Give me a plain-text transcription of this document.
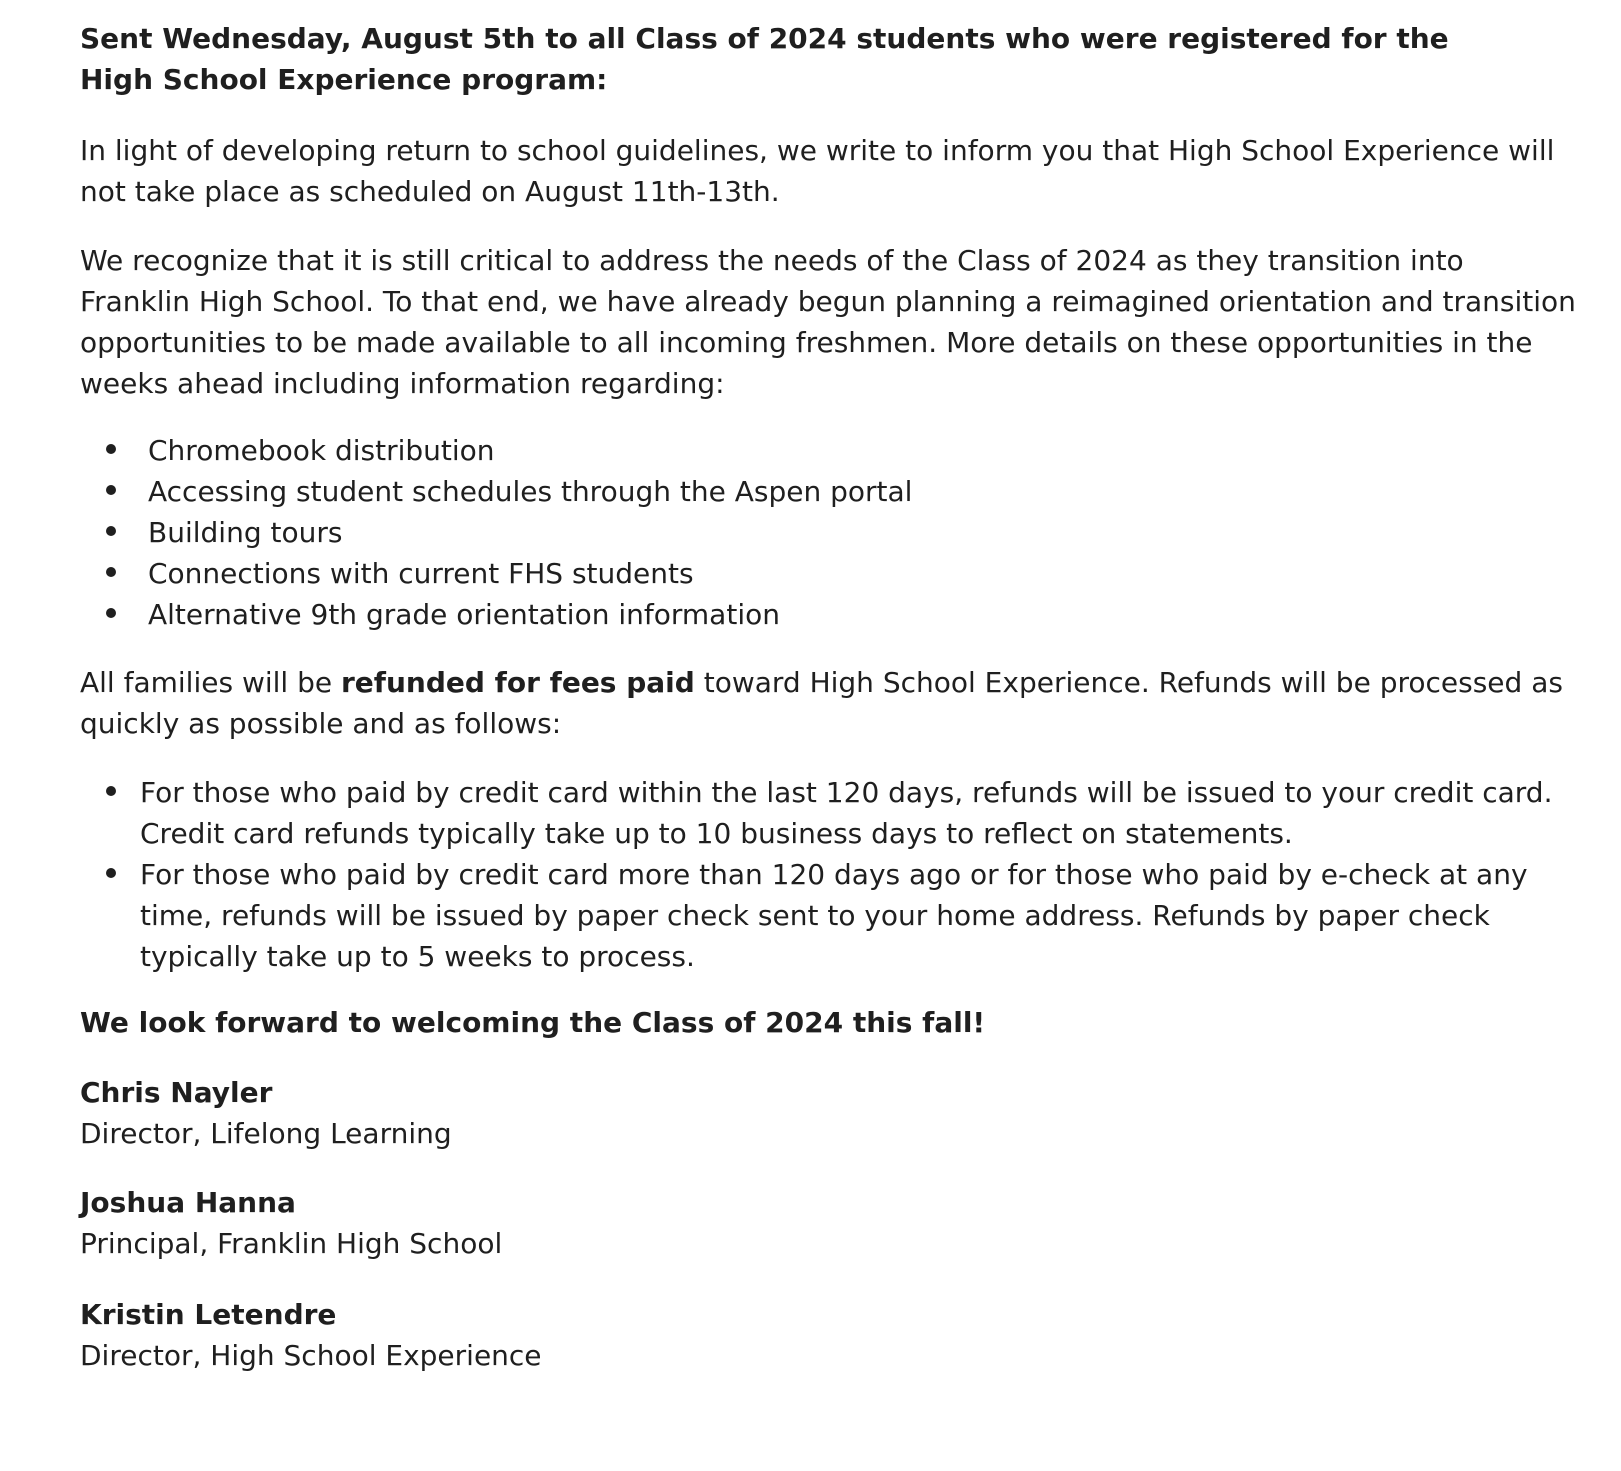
Sent Wednesday, August 5th to all Class of 2024 students who were registered for the High School Experience program:

In light of developing return to school guidelines, we write to inform you that High School Experience will not take place as scheduled on August 11th-13th.

We recognize that it is still critical to address the needs of the Class of 2024 as they transition into Franklin High School. To that end, we have already begun planning a reimagined orientation and transition opportunities to be made available to all incoming freshmen. More details on these opportunities in the weeks ahead including information regarding:

Chromebook distribution
Accessing student schedules through the Aspen portal
Building tours
Connections with current FHS students
Alternative 9th grade orientation information

All families will be refunded for fees paid toward High School Experience. Refunds will be processed as quickly as possible and as follows:

For those who paid by credit card within the last 120 days, refunds will be issued to your credit card. Credit card refunds typically take up to 10 business days to reflect on statements.
For those who paid by credit card more than 120 days ago or for those who paid by e-check at any time, refunds will be issued by paper check sent to your home address. Refunds by paper check typically take up to 5 weeks to process.

We look forward to welcoming the Class of 2024 this fall!

Chris Nayler
Director, Lifelong Learning
Joshua Hanna
Principal, Franklin High School
Kristin Letendre
Director, High School Experience
